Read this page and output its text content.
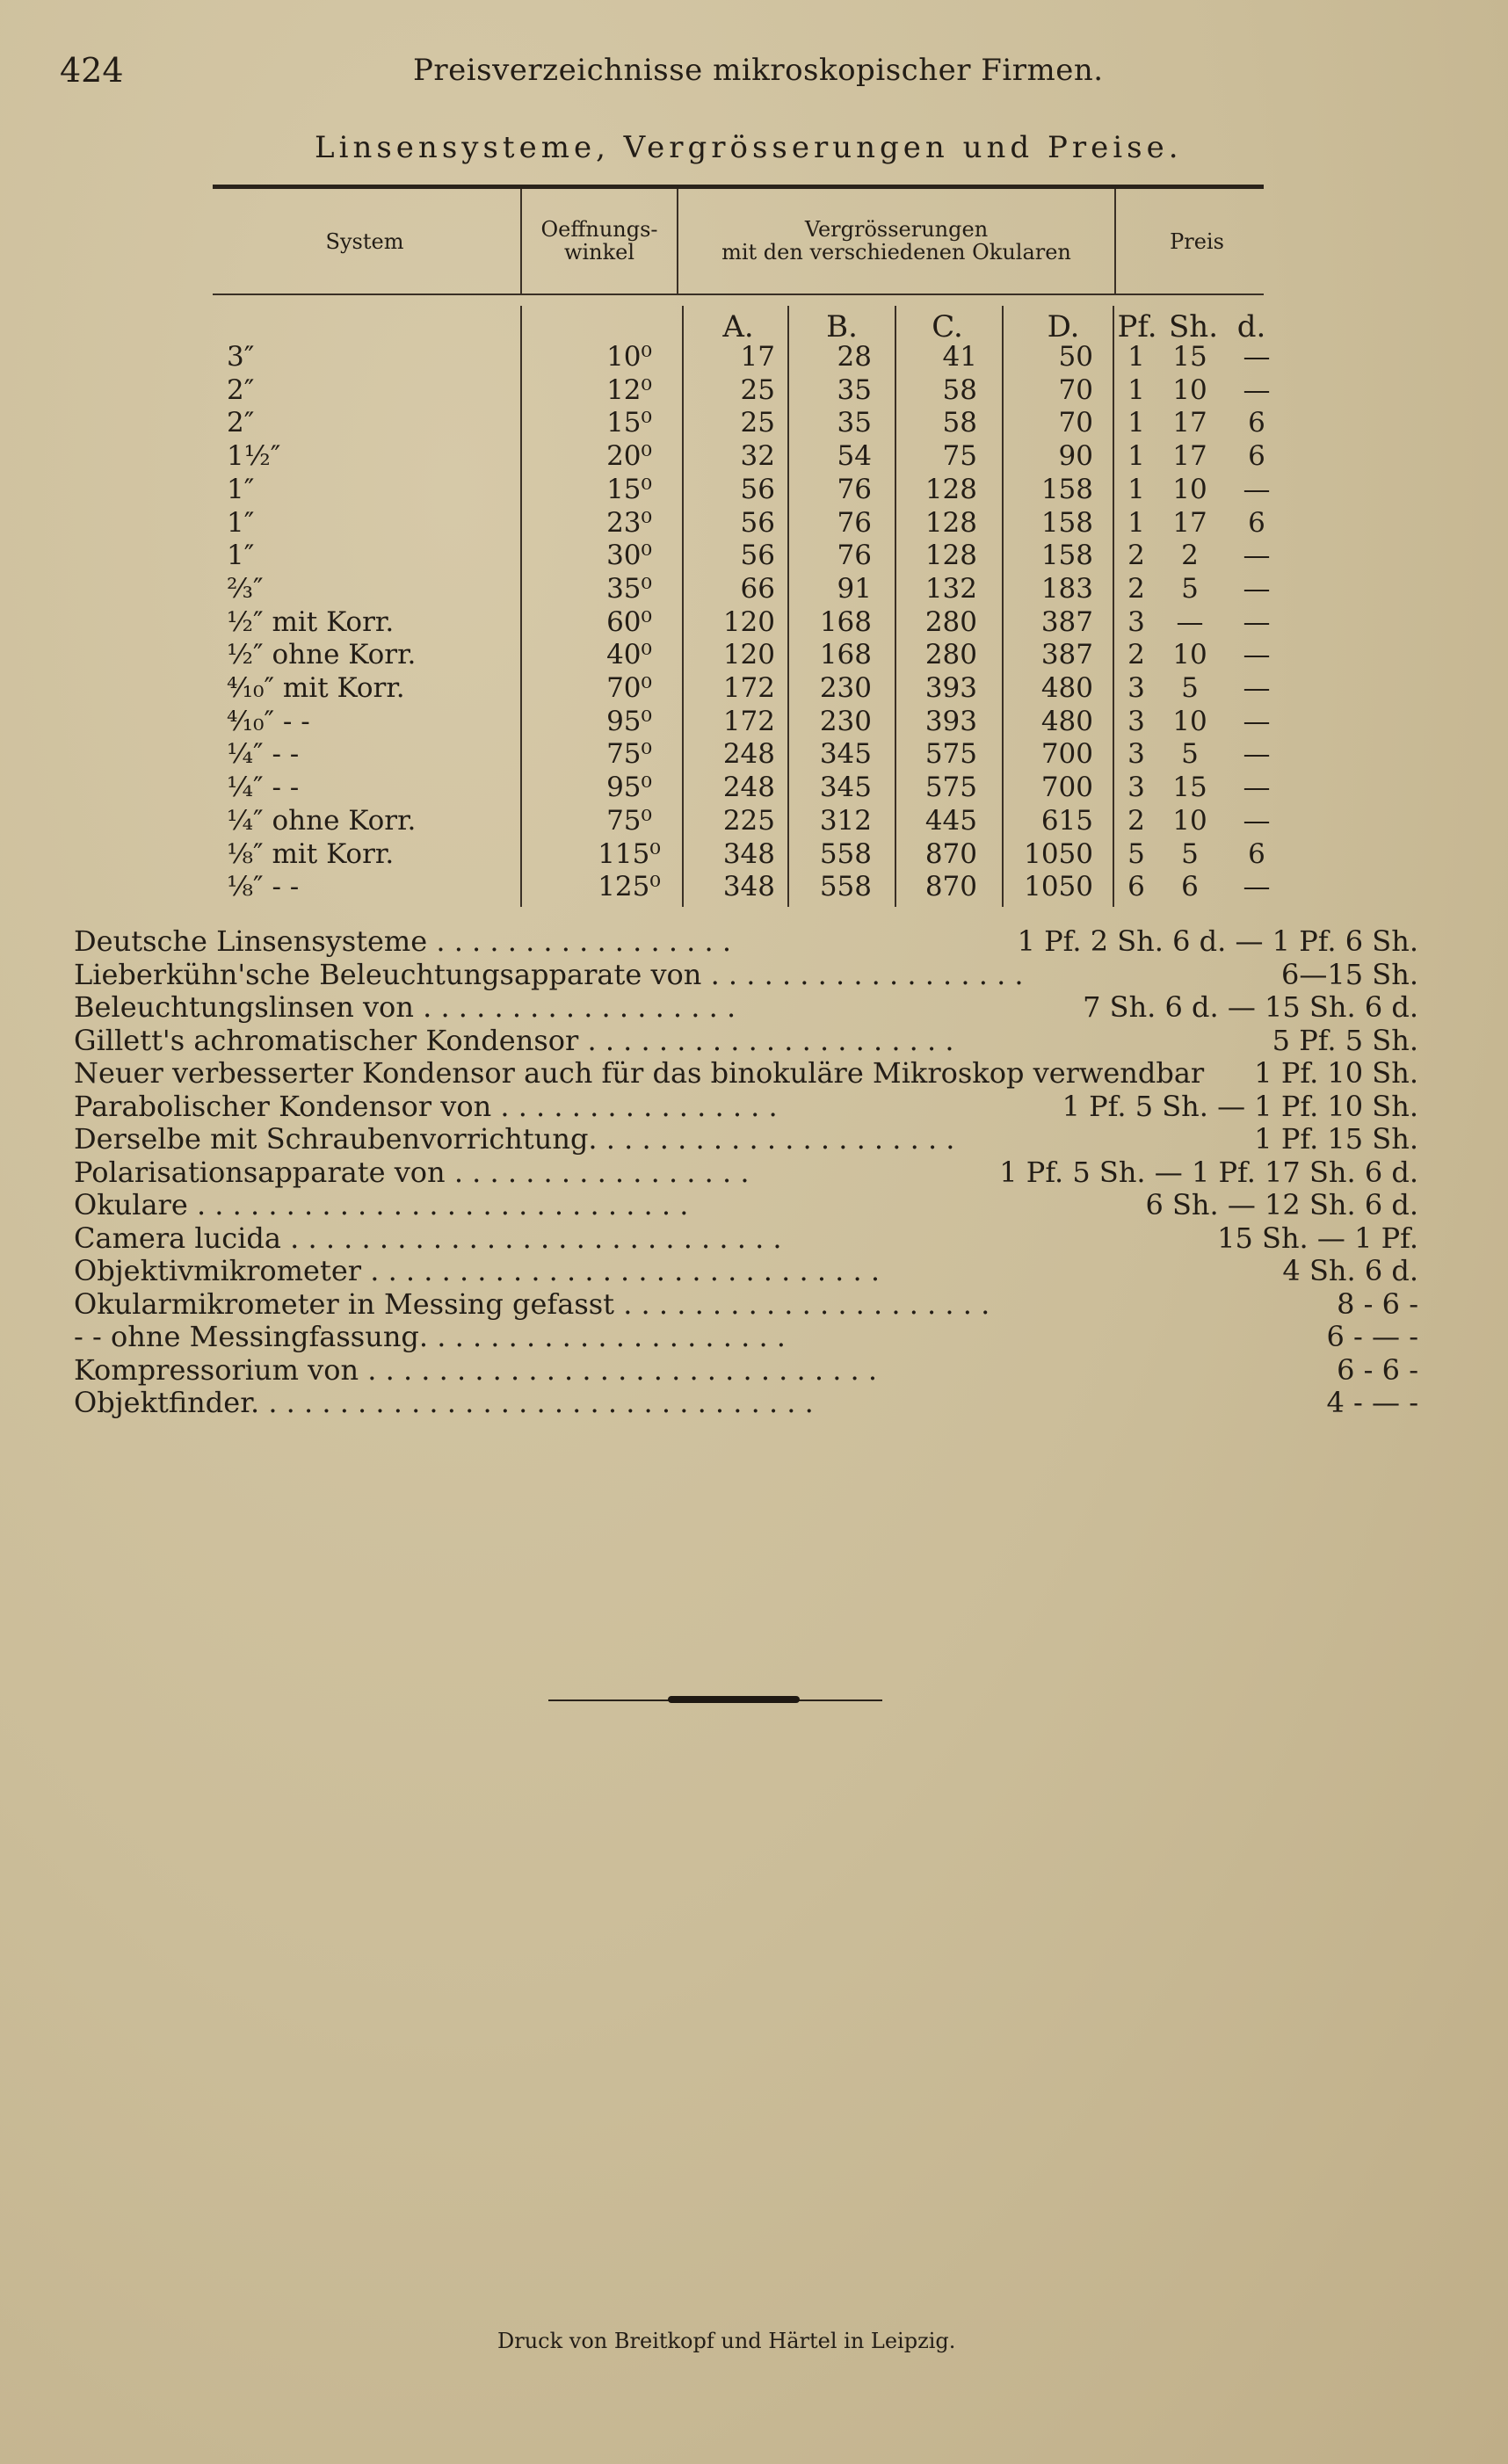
424	Preisverzeichnisse mikroskopischer Firmen.
Linsensysteme, Vergrösserungen und Preise.
System	Oeffnungs-
winkel
Vergrösserungen
mit den verschiedenen Okularen	Preis
A.	B.	C.	D.	Pf. Sh. d.
3″	10⁰	17	28	41	50	1	15	—
2″	12⁰	25	35	58	70	1	10	—
2″	15⁰	25	35	58	70	1	17	6
1½″	20⁰	32	54	75	90	1	17	6
1″	15⁰	56	76	128	158	1	10	—
1″	23⁰	56	76	128	158	1	17	6
1″	30⁰	56	76	128	158	2	2	—
⅔″	35⁰	66	91	132	183	2	5	—
½″ mit Korr.	60⁰	120	168	280	387	3	—	—
½″ ohne Korr.	40⁰	120	168	280	387	2	10	—
⁴⁄₁₀″ mit Korr.	70⁰	172	230	393	480	3	5	—
⁴⁄₁₀″ - -	95⁰	172	230	393	480	3	10	—
¼″ - -	75⁰	248	345	575	700	3	5	—
¼″ - -	95⁰	248	345	575	700	3	15	—
¼″ ohne Korr.	75⁰	225	312	445	615	2	10	—
⅛″ mit Korr.	115⁰	348	558	870	1050	5	5	6
⅛″ - -	125⁰	348	558	870	1050	6	6	—
Deutsche Linsensysteme . . . . . . . . . . . . . . . . .	1 Pf. 2 Sh. 6 d. — 1 Pf. 6 Sh.
Lieberkühn'sche Beleuchtungsapparate von . . . . . . . . . . . . . . . . . .	6—15 Sh.
Beleuchtungslinsen von . . . . . . . . . . . . . . . . . .	7 Sh. 6 d. — 15 Sh. 6 d.
Gillett's achromatischer Kondensor . . . . . . . . . . . . . . . . . . . . .	5 Pf. 5 Sh.
Neuer verbesserter Kondensor auch für das binokuläre Mikroskop verwendbar 1 Pf. 10 Sh.
Parabolischer Kondensor von . . . . . . . . . . . . . . . .	1 Pf. 5 Sh. — 1 Pf. 10 Sh.
Derselbe mit Schraubenvorrichtung. . . . . . . . . . . . . . . . . . . . .	1 Pf. 15 Sh.
Polarisationsapparate von . . . . . . . . . . . . . . . . .	1 Pf. 5 Sh. — 1 Pf. 17 Sh. 6 d.
Okulare . . . . . . . . . . . . . . . . . . . . . . . . . . . .	6 Sh. — 12 Sh. 6 d.
Camera lucida . . . . . . . . . . . . . . . . . . . . . . . . . . . .	15 Sh. — 1 Pf.
Objektivmikrometer . . . . . . . . . . . . . . . . . . . . . . . . . . . . .	4 Sh. 6 d.
Okularmikrometer in Messing gefasst . . . . . . . . . . . . . . . . . . . . .	8 - 6 -
- - ohne Messingfassung. . . . . . . . . . . . . . . . . . . . .	6 - — -
Kompressorium von . . . . . . . . . . . . . . . . . . . . . . . . . . . . .	6 - 6 -
Objektfinder. . . . . . . . . . . . . . . . . . . . . . . . . . . . . . . .	4 - — -
Druck von Breitkopf und Härtel in Leipzig.
